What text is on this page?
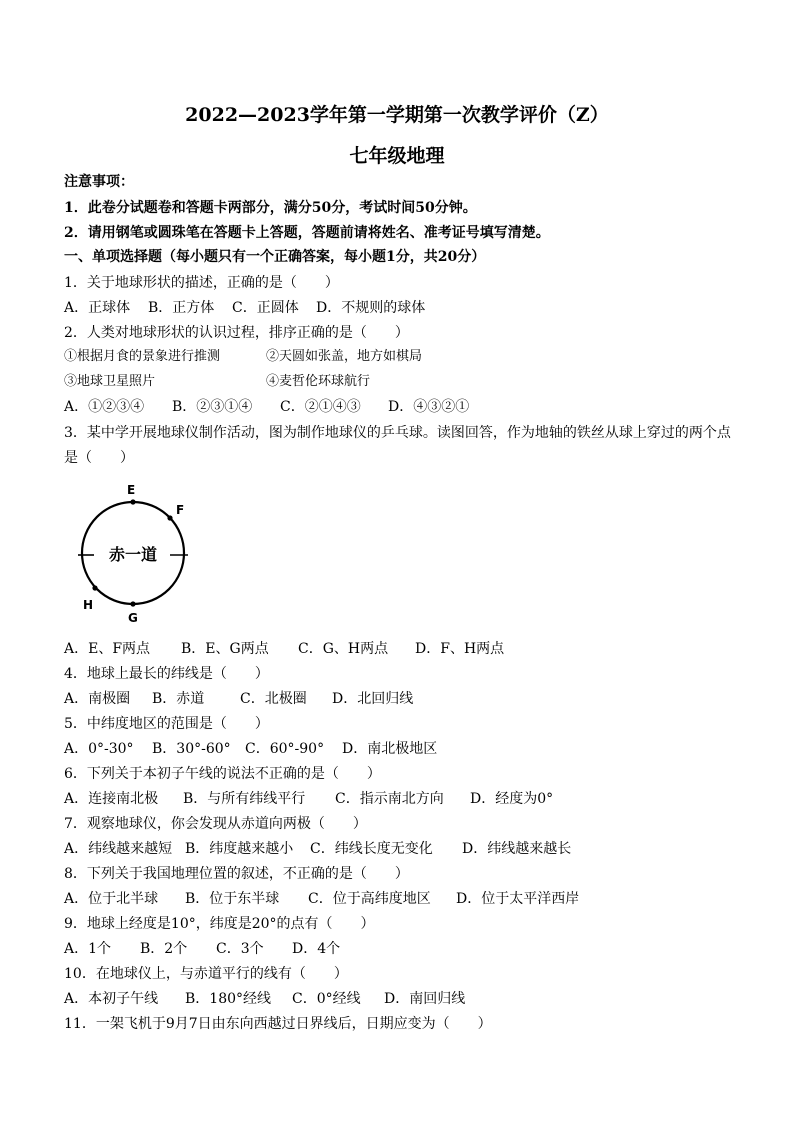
2022—2023学年第一学期第一次教学评价（Z）
七年级地理
注意事项：
1．此卷分试题卷和答题卡两部分，满分50分，考试时间50分钟。
2．请用钢笔或圆珠笔在答题卡上答题，答题前请将姓名、准考证号填写清楚。
一、单项选择题（每小题只有一个正确答案，每小题1分，共20分）
1．关于地球形状的描述，正确的是（　　）
A．正球体 B．正方体 C．正圆体 D．不规则的球体
2．人类对地球形状的认识过程，排序正确的是（　　）
①根据月食的景象进行推测	②天圆如张盖，地方如棋局
③地球卫星照片	④麦哲伦环球航行
A．①②③④ B．②③①④ C．②①④③ D．④③②①
3．某中学开展地球仪制作活动，图为制作地球仪的乒乓球。读图回答，作为地轴的铁丝从球上穿过的两个点
是（　　）
赤一道
E
F
G
H
A．E、F两点 B．E、G两点 C．G、H两点 D．F、H两点
4．地球上最长的纬线是（　　）
A．南极圈 B．赤道	C．北极圈 D．北回归线
5．中纬度地区的范围是（　　）
A．0°-30° B．30°-60° C．60°-90° D．南北极地区
6．下列关于本初子午线的说法不正确的是（　　）
A．连接南北极 B．与所有纬线平行 C．指示南北方向 D．经度为0°
7．观察地球仪，你会发现从赤道向两极（　　）
A．纬线越来越短 B．纬度越来越小 C．纬线长度无变化 D．纬线越来越长
8．下列关于我国地理位置的叙述，不正确的是（　　）
A．位于北半球 B．位于东半球 C．位于高纬度地区 D．位于太平洋西岸
9．地球上经度是10°，纬度是20°的点有（　　）
A．1个 B．2个 C．3个 D．4个
10．在地球仪上，与赤道平行的线有（　　）
A．本初子午线 B．180°经线 C．0°经线 D．南回归线
11．一架飞机于9月7日由东向西越过日界线后，日期应变为（　　）
